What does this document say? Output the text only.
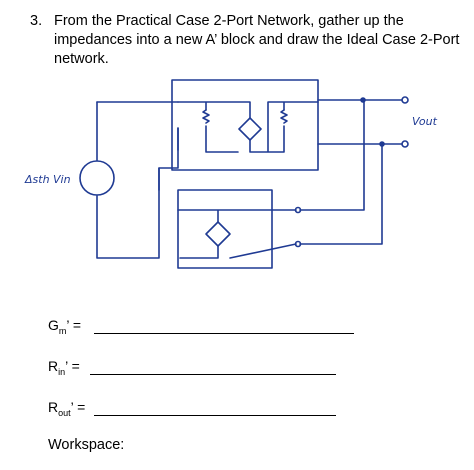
3. From the Practical Case 2-Port Network, gather up the impedances into a new A’ block and draw the Ideal Case 2-Port network.
Δsth Vin
Vout
$G_m$’ =
$R_{in}$’ =
$R_{out}$’ =
Workspace:
